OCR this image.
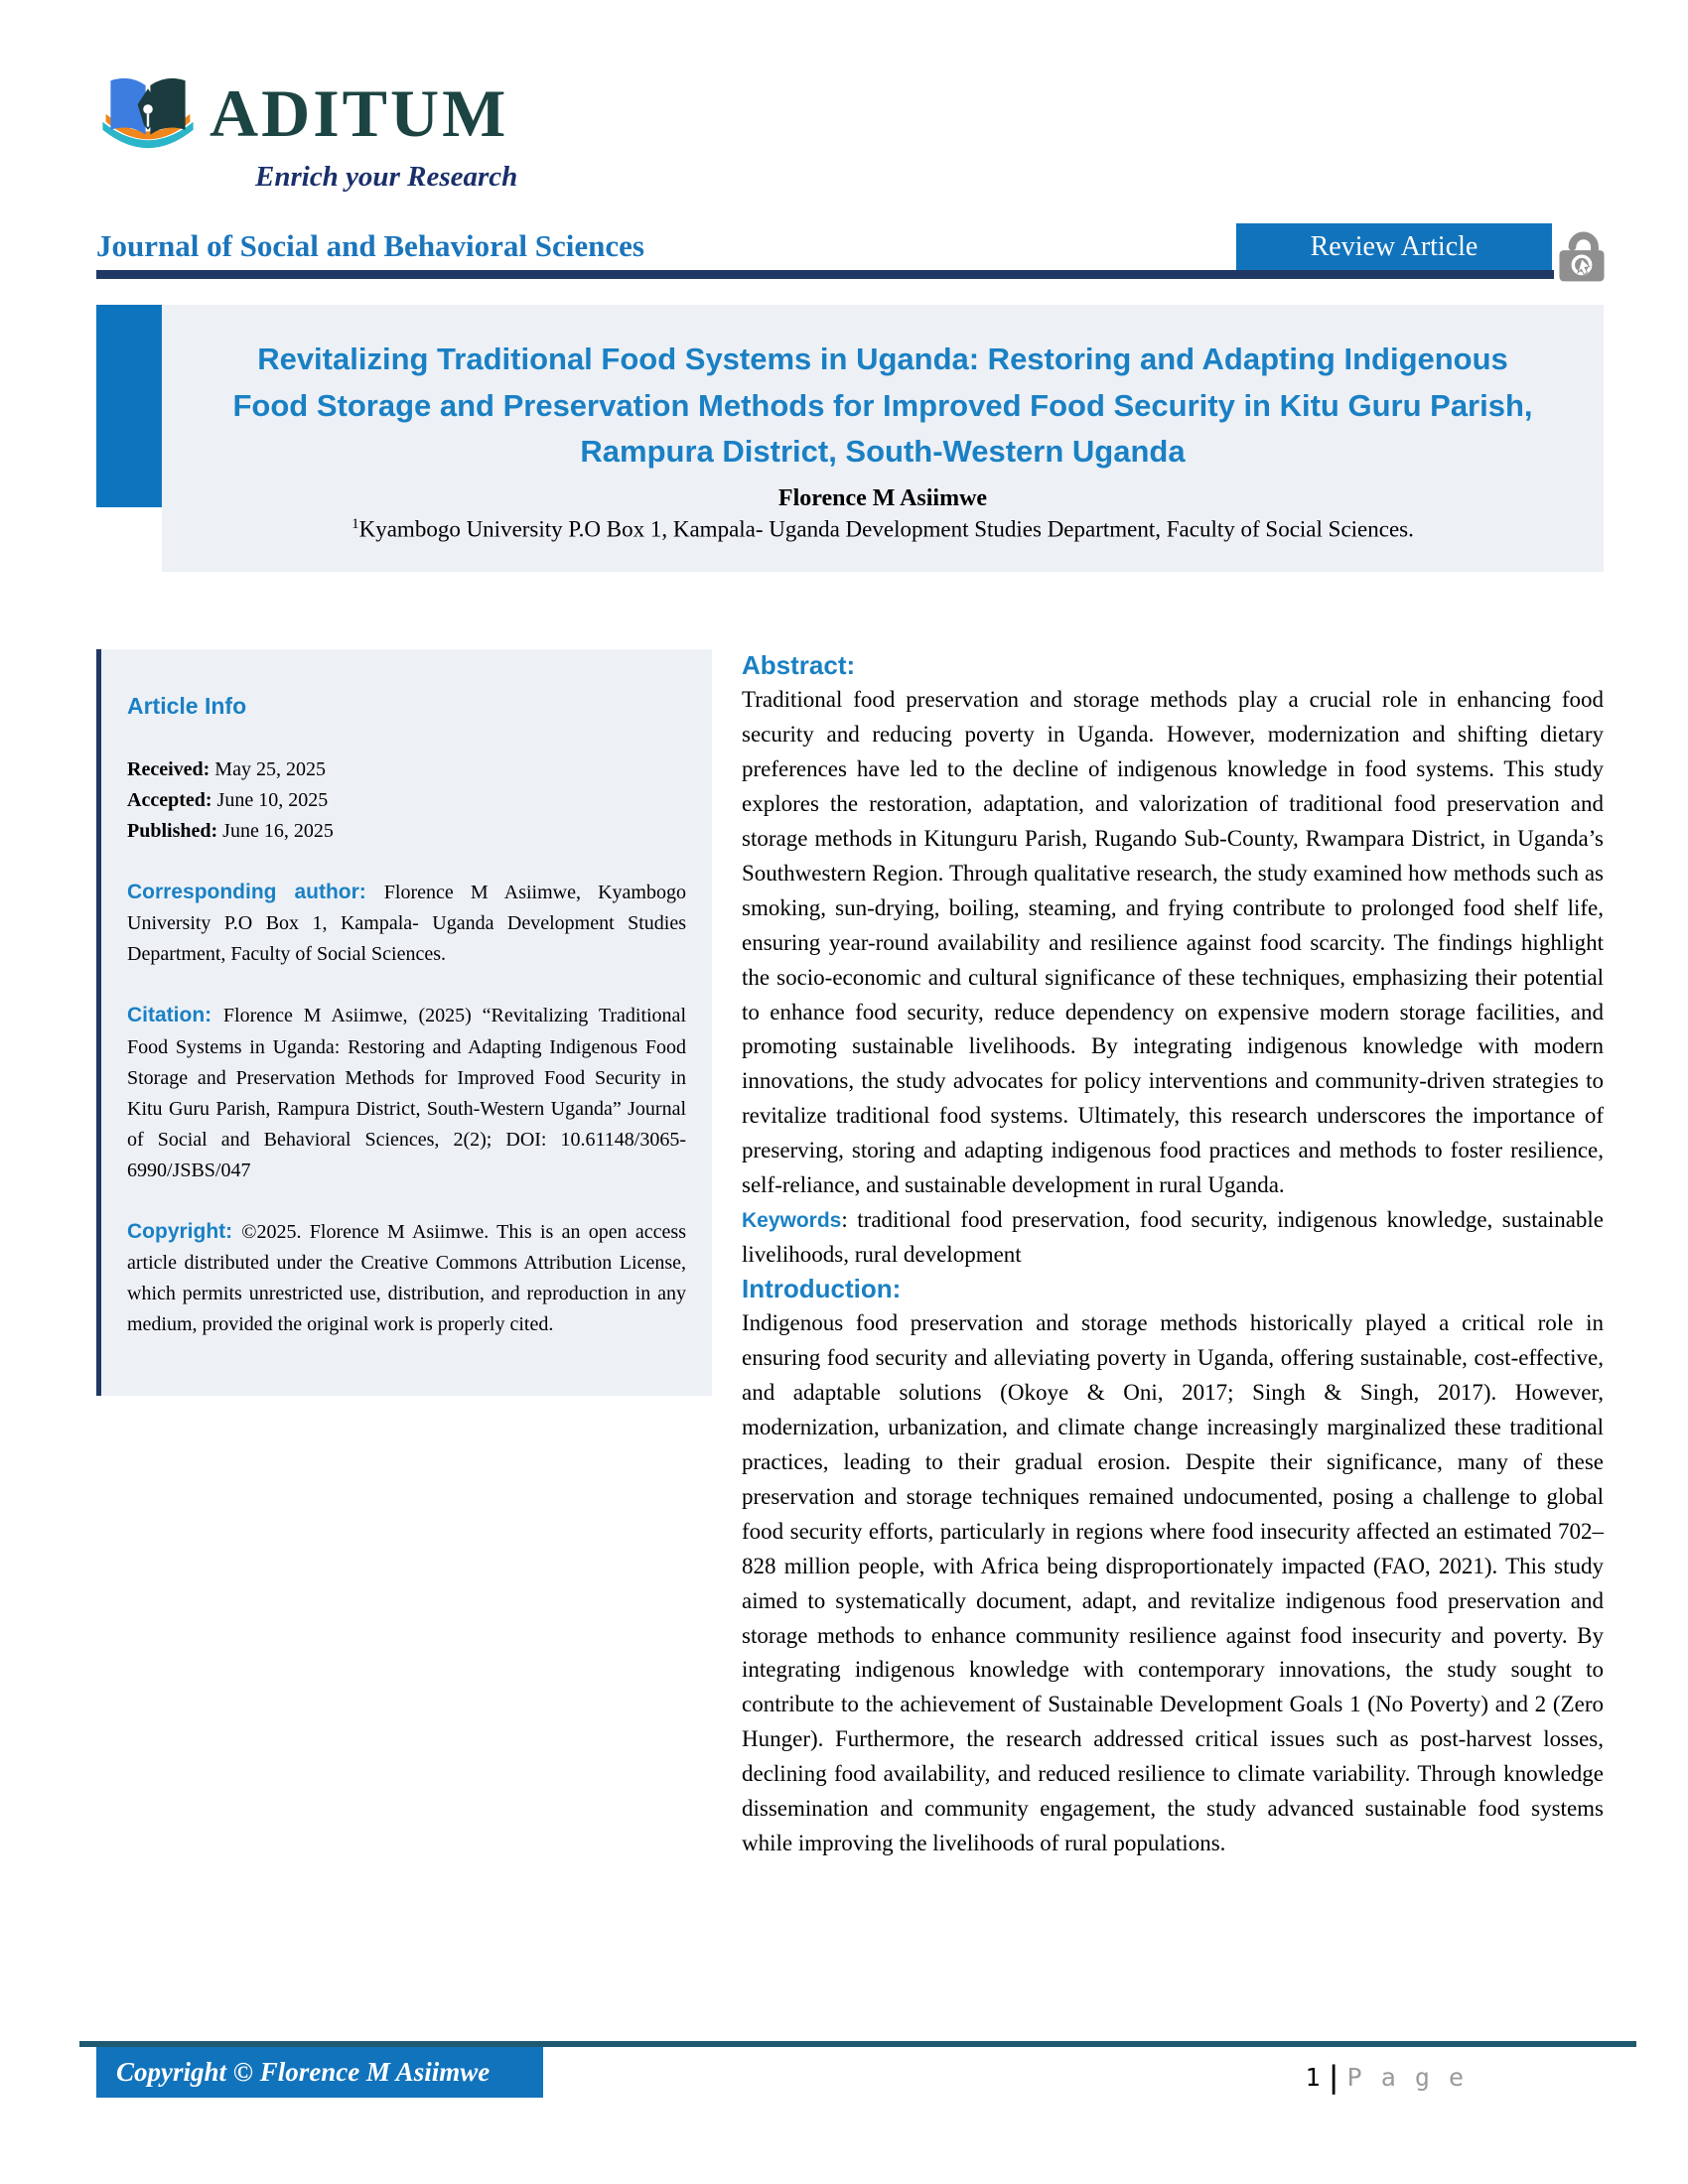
ADITUM
Enrich your Research
Journal of Social and Behavioral Sciences	Review Article
Revitalizing Traditional Food Systems in Uganda: Restoring and Adapting Indigenous Food Storage and Preservation Methods for Improved Food Security in Kitu Guru Parish, Rampura District, South-Western Uganda
Florence M Asiimwe
$^1$Kyambogo University P.O Box 1, Kampala- Uganda Development Studies Department, Faculty of Social Sciences.
Article Info
Received: May 25, 2025
Accepted: June 10, 2025
Published: June 16, 2025
Corresponding author: Florence M Asiimwe, Kyambogo University P.O Box 1, Kampala- Uganda Development Studies Department, Faculty of Social Sciences.
Citation: Florence M Asiimwe, (2025) “Revitalizing Traditional Food Systems in Uganda: Restoring and Adapting Indigenous Food Storage and Preservation Methods for Improved Food Security in Kitu Guru Parish, Rampura District, South-Western Uganda” Journal of Social and Behavioral Sciences, 2(2); DOI: 10.61148/3065-6990/JSBS/047
Copyright: ©2025. Florence M Asiimwe. This is an open access article distributed under the Creative Commons Attribution License, which permits unrestricted use, distribution, and reproduction in any medium, provided the original work is properly cited.
Abstract:
Traditional food preservation and storage methods play a crucial role in enhancing food security and reducing poverty in Uganda. However, modernization and shifting dietary preferences have led to the decline of indigenous knowledge in food systems. This study explores the restoration, adaptation, and valorization of traditional food preservation and storage methods in Kitunguru Parish, Rugando Sub-County, Rwampara District, in Uganda’s Southwestern Region. Through qualitative research, the study examined how methods such as smoking, sun-drying, boiling, steaming, and frying contribute to prolonged food shelf life, ensuring year-round availability and resilience against food scarcity. The findings highlight the socio-economic and cultural significance of these techniques, emphasizing their potential to enhance food security, reduce dependency on expensive modern storage facilities, and promoting sustainable livelihoods. By integrating indigenous knowledge with modern innovations, the study advocates for policy interventions and community-driven strategies to revitalize traditional food systems. Ultimately, this research underscores the importance of preserving, storing and adapting indigenous food practices and methods to foster resilience, self-reliance, and sustainable development in rural Uganda.
Keywords: traditional food preservation, food security, indigenous knowledge, sustainable livelihoods, rural development
Introduction:
Indigenous food preservation and storage methods historically played a critical role in ensuring food security and alleviating poverty in Uganda, offering sustainable, cost-effective, and adaptable solutions (Okoye & Oni, 2017; Singh & Singh, 2017). However, modernization, urbanization, and climate change increasingly marginalized these traditional practices, leading to their gradual erosion. Despite their significance, many of these preservation and storage techniques remained undocumented, posing a challenge to global food security efforts, particularly in regions where food insecurity affected an estimated 702–828 million people, with Africa being disproportionately impacted (FAO, 2021). This study aimed to systematically document, adapt, and revitalize indigenous food preservation and storage methods to enhance community resilience against food insecurity and poverty. By integrating indigenous knowledge with contemporary innovations, the study sought to contribute to the achievement of Sustainable Development Goals 1 (No Poverty) and 2 (Zero Hunger). Furthermore, the research addressed critical issues such as post-harvest losses, declining food availability, and reduced resilience to climate variability. Through knowledge dissemination and community engagement, the study advanced sustainable food systems while improving the livelihoods of rural populations.
Copyright © Florence M Asiimwe	1 | P a g e
